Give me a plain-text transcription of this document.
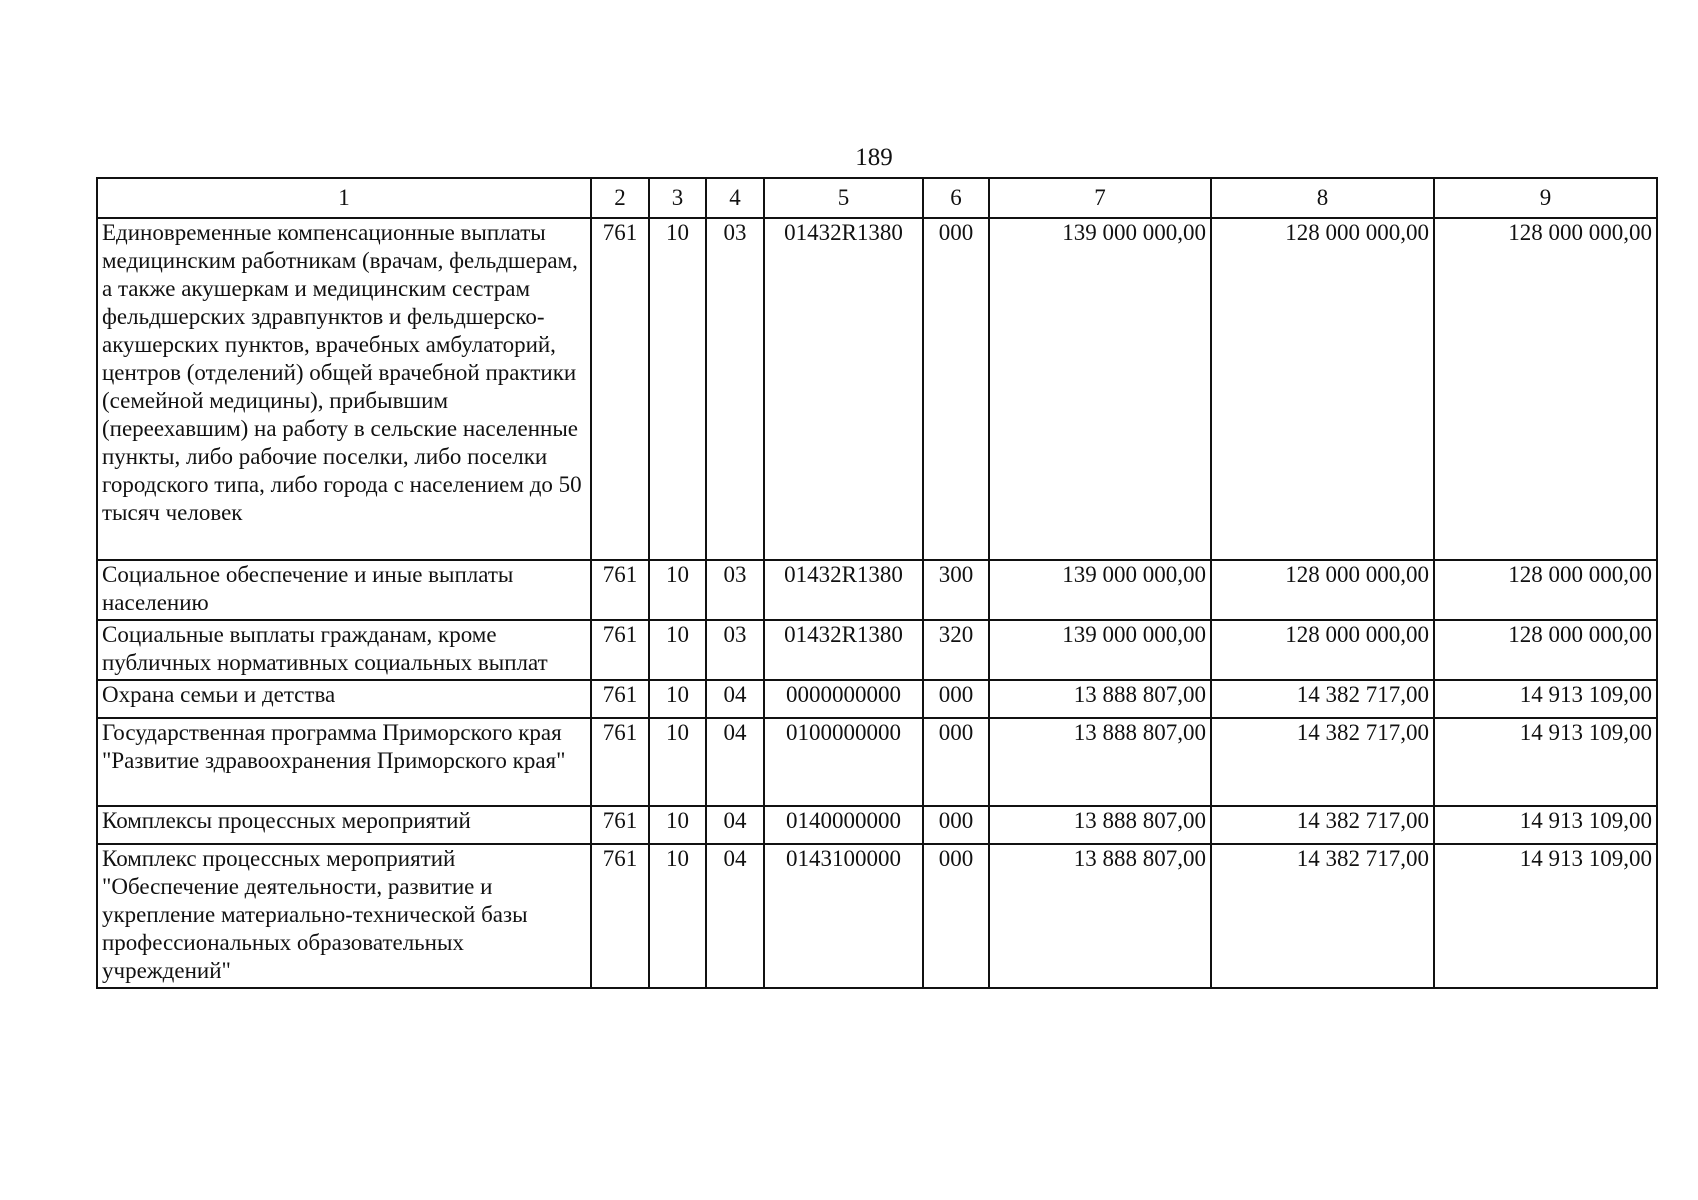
189
1	2	3	4	5	6	7	8	9
Единовременные компенсационные выплаты медицинским работникам (врачам, фельдшерам, а также акушеркам и медицинским сестрам фельдшерских здравпунктов и фельдшерско-акушерских пунктов, врачебных амбулаторий, центров (отделений) общей врачебной практики (семейной медицины), прибывшим (переехавшим) на работу в сельские населенные пункты, либо рабочие поселки, либо поселки городского типа, либо города с населением до 50 тысяч человек	761	10	03	01432R1380	000	139 000 000,00	128 000 000,00	128 000 000,00
Социальное обеспечение и иные выплаты населению	761	10	03	01432R1380	300	139 000 000,00	128 000 000,00	128 000 000,00
Социальные выплаты гражданам, кроме публичных нормативных социальных выплат	761	10	03	01432R1380	320	139 000 000,00	128 000 000,00	128 000 000,00
Охрана семьи и детства	761	10	04	0000000000	000	13 888 807,00	14 382 717,00	14 913 109,00
Государственная программа Приморского края "Развитие здравоохранения Приморского края"	761	10	04	0100000000	000	13 888 807,00	14 382 717,00	14 913 109,00
Комплексы процессных мероприятий	761	10	04	0140000000	000	13 888 807,00	14 382 717,00	14 913 109,00
Комплекс процессных мероприятий "Обеспечение деятельности, развитие и укрепление материально-технической базы профессиональных образовательных учреждений"	761	10	04	0143100000	000	13 888 807,00	14 382 717,00	14 913 109,00
